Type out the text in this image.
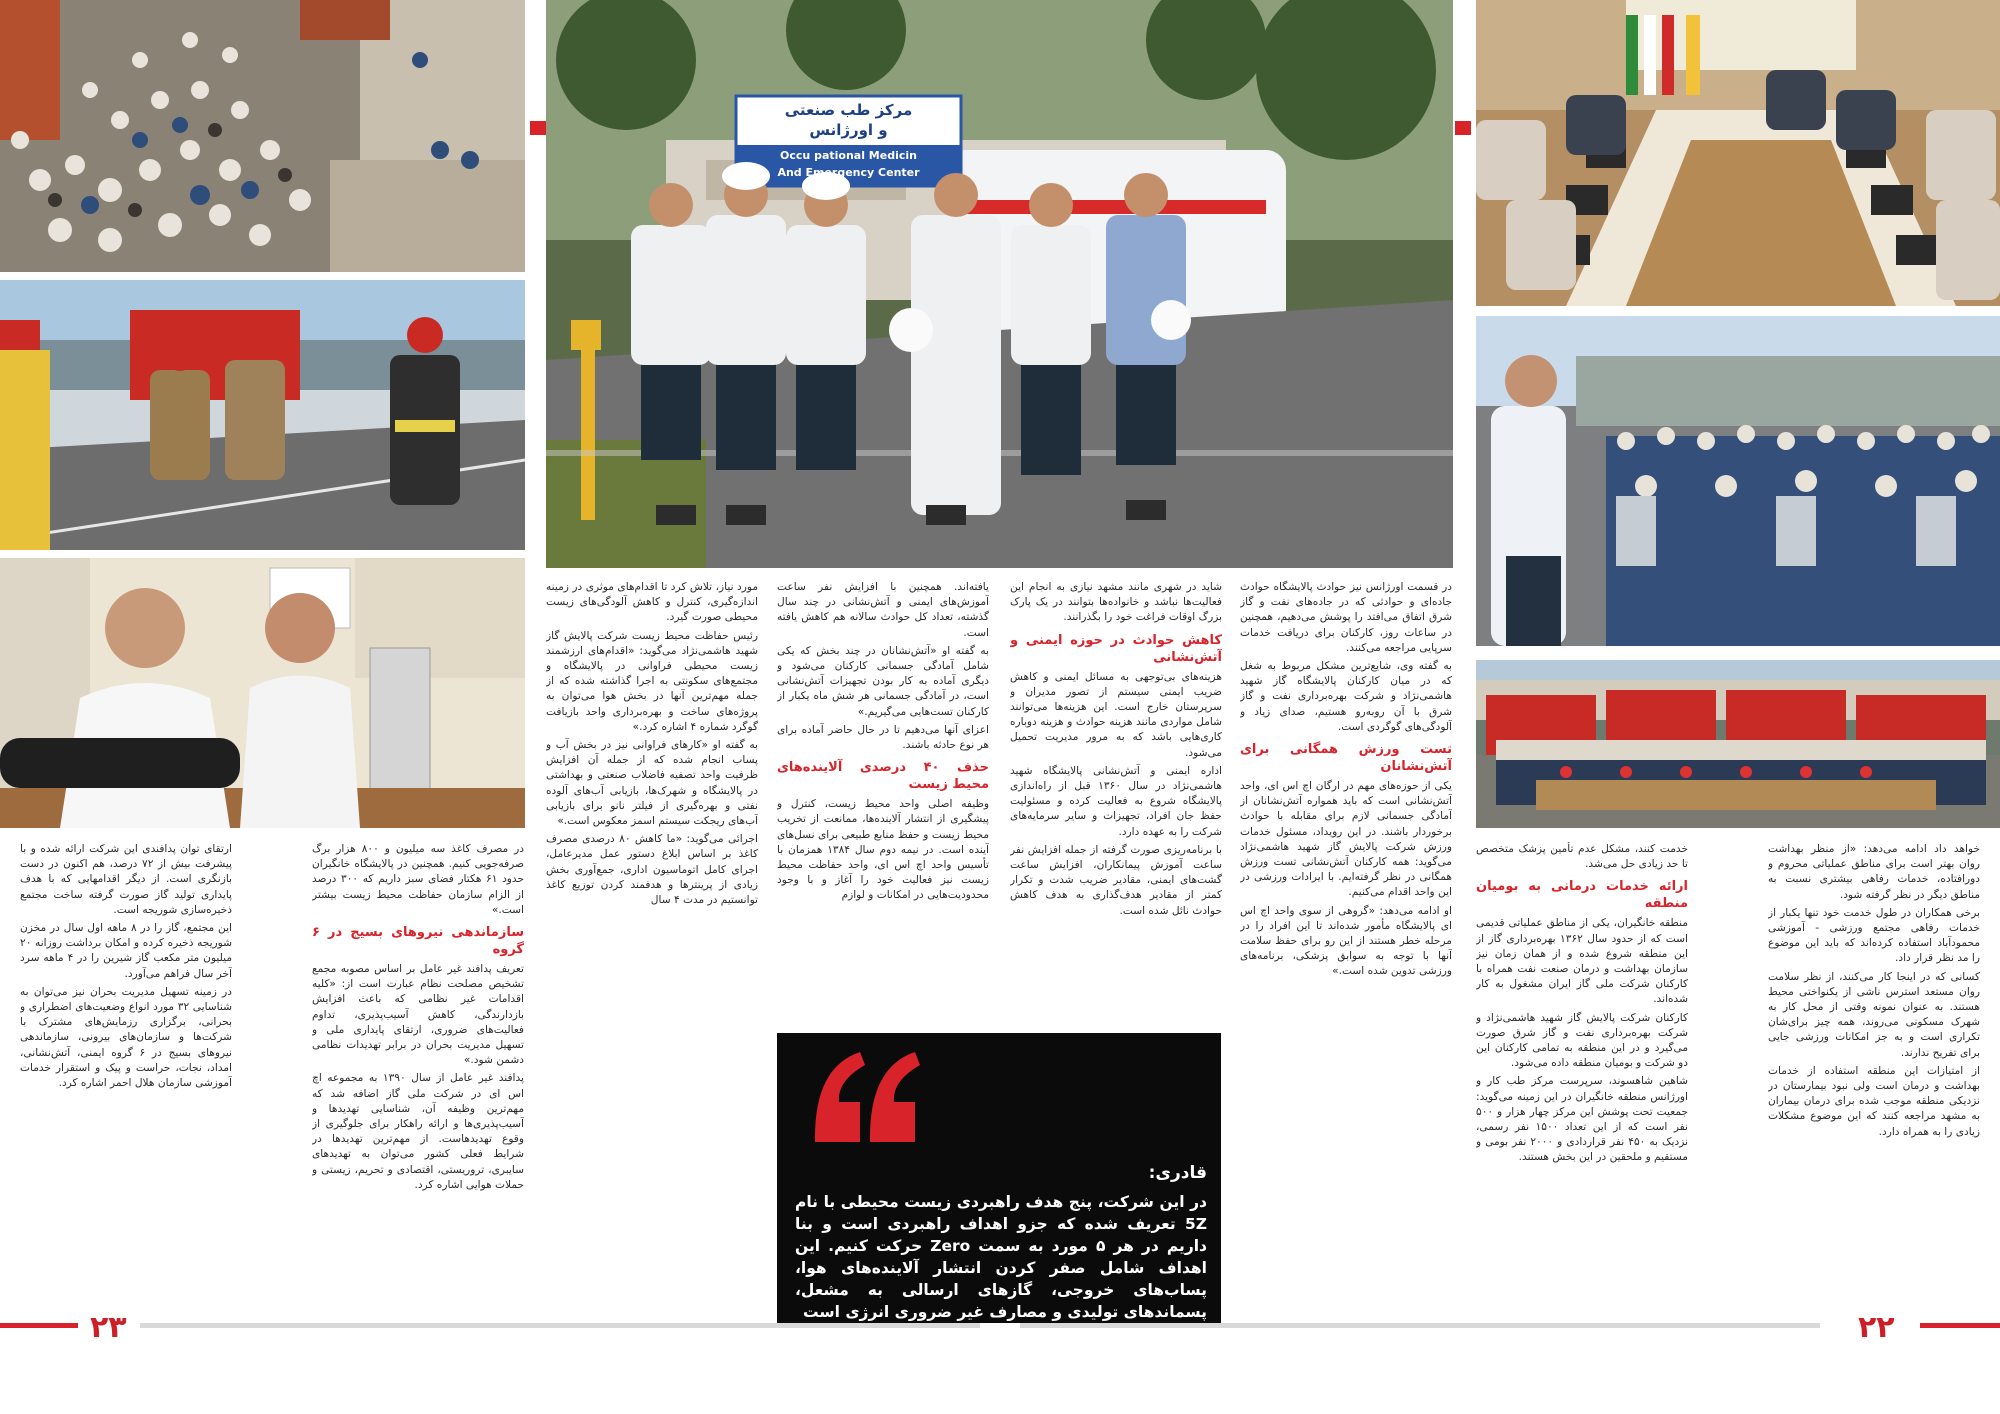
مرکز طب صنعتی
و اورژانس
Occu pational Medicin
And Emergency Center

ارتقای توان پدافندی این شرکت ارائه شده و با پیشرفت بیش از ۷۲ درصد، هم اکنون در دست بازنگری است. از دیگر اقدامهایی که با هدف پایداری تولید گاز صورت گرفته ساخت مجتمع ذخیره‌سازی شوریجه است.

این مجتمع، گاز را در ۸ ماهه اول سال در مخزن شوریجه ذخیره کرده و امکان برداشت روزانه ۲۰ میلیون متر مکعب گاز شیرین را در ۴ ماهه سرد آخر سال فراهم می‌آورد.

در زمینه تسهیل مدیریت بحران نیز می‌توان به شناسایی ۳۲ مورد انواع وضعیت‌های اضطراری و بحرانی، برگزاری رزمایش‌های مشترک با شرکت‌ها و سازمان‌های بیرونی، سازماندهی نیروهای بسیج در ۶ گروه ایمنی، آتش‌نشانی، امداد، نجات، حراست و پیک و استقرار خدمات آموزشی سازمان هلال احمر اشاره کرد.

در مصرف کاغذ سه میلیون و ۸۰۰ هزار برگ صرفه‌جویی کنیم. همچنین در پالایشگاه خانگیران حدود ۶۱ هکتار فضای سبز داریم که ۳۰۰ درصد از الزام سازمان حفاظت محیط زیست بیشتر است.»

سازماندهی نیروهای بسیج در ۶ گروه

تعریف پدافند غیر عامل بر اساس مصوبه مجمع تشخیص مصلحت نظام عبارت است از: «کلیه اقدامات غیر نظامی که باعث افزایش بازدارندگی، کاهش آسیب‌پذیری، تداوم فعالیت‌های ضروری، ارتقای پایداری ملی و تسهیل مدیریت بحران در برابر تهدیدات نظامی دشمن شود.»

پدافند غیر عامل از سال ۱۳۹۰ به مجموعه اچ اس ای در شرکت ملی گاز اضافه شد که مهم‌ترین وظیفه آن، شناسایی تهدیدها و آسیب‌پذیری‌ها و ارائه راهکار برای جلوگیری از وقوع تهدیدهاست. از مهم‌ترین تهدیدها در شرایط فعلی کشور می‌توان به تهدیدهای سایبری، تروریستی، اقتصادی و تحریم، زیستی و حملات هوایی اشاره کرد.

مورد نیاز، تلاش کرد تا اقدام‌های موثری در زمینه اندازه‌گیری، کنترل و کاهش آلودگی‌های زیست محیطی صورت گیرد.

رئیس حفاظت محیط زیست شرکت پالایش گاز شهید هاشمی‌نژاد می‌گوید: «اقدام‌های ارزشمند زیست محیطی فراوانی در پالایشگاه و مجتمع‌های سکونتی به اجرا گذاشته شده که از جمله مهم‌ترین آنها در بخش هوا می‌توان به پروژه‌های ساخت و بهره‌برداری واحد بازیافت گوگرد شماره ۴ اشاره کرد.»

به گفته او «کارهای فراوانی نیز در بخش آب و پساب انجام شده که از جمله آن افزایش ظرفیت واحد تصفیه فاضلاب صنعتی و بهداشتی در پالایشگاه و شهرک‌ها، بازیابی آب‌های آلوده نفتی و بهره‌گیری از فیلتر نانو برای بازیابی آب‌های ریجکت سیستم اسمز معکوس است.»

اجرائی می‌گوید: «ما کاهش ۸۰ درصدی مصرف کاغذ بر اساس ابلاغ دستور عمل مدیرعامل، اجرای کامل اتوماسیون اداری، جمع‌آوری بخش زیادی از پرینترها و هدفمند کردن توزیع کاغذ توانستیم در مدت ۴ سال

یافته‌اند. همچنین با افزایش نفر ساعت آموزش‌های ایمنی و آتش‌نشانی در چند سال گذشته، تعداد کل حوادث سالانه هم کاهش یافته است.

به گفته او «آتش‌نشانان در چند بخش که یکی شامل آمادگی جسمانی کارکنان می‌شود و دیگری آماده به کار بودن تجهیزات آتش‌نشانی است، در آمادگی جسمانی هر شش ماه یکبار از کارکنان تست‌هایی می‌گیریم.»

اعزای آنها می‌دهیم تا در حال حاضر آماده برای هر نوع حادثه باشند.

حذف ۴۰ درصدی آلاینده‌های محیط زیست

وظیفه اصلی واحد محیط زیست، کنترل و پیشگیری از انتشار آلاینده‌ها، ممانعت از تخریب محیط زیست و حفظ منابع طبیعی برای نسل‌های آینده است. در نیمه دوم سال ۱۳۸۴ همزمان با تأسیس واحد اچ اس ای، واحد حفاظت محیط زیست نیز فعالیت خود را آغاز و با وجود محدودیت‌هایی در امکانات و لوازم

شاید در شهری مانند مشهد نیازی به انجام این فعالیت‌ها نباشد و خانواده‌ها بتوانند در یک پارک بزرگ اوقات فراغت خود را بگذرانند.

کاهش حوادث در حوزه ایمنی و آتش‌نشانی

هزینه‌های بی‌توجهی به مسائل ایمنی و کاهش ضریب ایمنی سیستم از تصور مدیران و سرپرستان خارج است. این هزینه‌ها می‌توانند شامل مواردی مانند هزینه حوادث و هزینه دوباره کاری‌هایی باشد که به مرور مدیریت تحمیل می‌شود.

اداره ایمنی و آتش‌نشانی پالایشگاه شهید هاشمی‌نژاد در سال ۱۳۶۰ قبل از راه‌اندازی پالایشگاه شروع به فعالیت کرده و مسئولیت حفظ جان افراد، تجهیزات و سایر سرمایه‌های شرکت را به عهده دارد.

با برنامه‌ریزی صورت گرفته از جمله افزایش نفر ساعت آموزش پیمانکاران، افزایش ساعت گشت‌های ایمنی، مقادیر ضریب شدت و تکرار کمتر از مقادیر هدف‌گذاری به هدف کاهش حوادث نائل شده است.

در قسمت اورژانس نیز حوادث پالایشگاه حوادث جاده‌ای و حوادثی که در جاده‌های نفت و گاز شرق اتفاق می‌افتد را پوشش می‌دهیم، همچنین در ساعات روز، کارکنان برای دریافت خدمات سرپایی مراجعه می‌کنند.

به گفته وی، شایع‌ترین مشکل مربوط به شغل که در میان کارکنان پالایشگاه گاز شهید هاشمی‌نژاد و شرکت بهره‌برداری نفت و گاز شرق با آن روبه‌رو هستیم، صدای زیاد و آلودگی‌های گوگردی است.

تست ورزش همگانی برای آتش‌نشانان

یکی از حوزه‌های مهم در ارگان اچ اس ای، واحد آتش‌نشانی است که باید همواره آتش‌نشانان از آمادگی جسمانی لازم برای مقابله با حوادث برخوردار باشند. در این رویداد، مسئول خدمات ورزش شرکت پالایش گاز شهید هاشمی‌نژاد می‌گوید: همه کارکنان آتش‌نشانی تست ورزش همگانی در نظر گرفته‌ایم. با ایرادات ورزشی در این واحد اقدام می‌کنیم.

او ادامه می‌دهد: «گروهی از سوی واحد اچ اس ای پالایشگاه مأمور شده‌اند تا این افراد را در مرحله خطر هستند از این رو برای حفظ سلامت آنها با توجه به سوابق پزشکی، برنامه‌های ورزشی تدوین شده است.»

خدمت کنند، مشکل عدم تأمین پزشک متخصص تا حد زیادی حل می‌شد.

ارائه خدمات درمانی به بومیان منطقه

منطقه خانگیران، یکی از مناطق عملیاتی قدیمی است که از حدود سال ۱۳۶۲ بهره‌برداری گاز از این منطقه شروع شده و از همان زمان نیز سازمان بهداشت و درمان صنعت نفت همراه با کارکنان شرکت ملی گاز ایران مشغول به کار شده‌اند.

کارکنان شرکت پالایش گاز شهید هاشمی‌نژاد و شرکت بهره‌برداری نفت و گاز شرق صورت می‌گیرد و در این منطقه به تمامی کارکنان این دو شرکت و بومیان منطقه داده می‌شود.

شاهین شاهسوند، سرپرست مرکز طب کار و اورژانس منطقه خانگیران در این زمینه می‌گوید: جمعیت تحت پوشش این مرکز چهار هزار و ۵۰۰ نفر است که از این تعداد ۱۵۰۰ نفر رسمی، نزدیک به ۴۵۰ نفر قراردادی و ۲۰۰۰ نفر بومی و مستقیم و ملحقین در این بخش هستند.

خواهد داد ادامه می‌دهد: «از منظر بهداشت روان بهتر است برای مناطق عملیاتی محروم و دورافتاده، خدمات رفاهی بیشتری نسبت به مناطق دیگر در نظر گرفته شود.

برخی همکاران در طول خدمت خود تنها یکبار از خدمات رفاهی مجتمع ورزشی - آموزشی محمودآباد استفاده کرده‌اند که باید این موضوع را مد نظر قرار داد.

کسانی که در اینجا کار می‌کنند، از نظر سلامت روان مستعد استرس ناشی از یکنواختی محیط هستند. به عنوان نمونه وقتی از محل کار به شهرک مسکونی می‌روند، همه چیز برای‌شان تکراری است و به جز امکانات ورزشی جایی برای تفریح ندارند.

از امتیازات این منطقه استفاده از خدمات بهداشت و درمان است ولی نبود بیمارستان در نزدیکی منطقه موجب شده برای درمان بیماران به مشهد مراجعه کنند که این موضوع مشکلات زیادی را به همراه دارد.

قادری:
در این شرکت، پنج هدف راهبردی زیست محیطی با نام 5Z تعریف شده که جزو اهداف راهبردی است و بنا داریم در هر ۵ مورد به سمت Zero حرکت کنیم. این اهداف شامل صفر کردن انتشار آلاینده‌های هوا، پساب‌های خروجی، گازهای ارسالی به مشعل، پسماندهای تولیدی و مصارف غیر ضروری انرژی است
۲۳	۲۲
